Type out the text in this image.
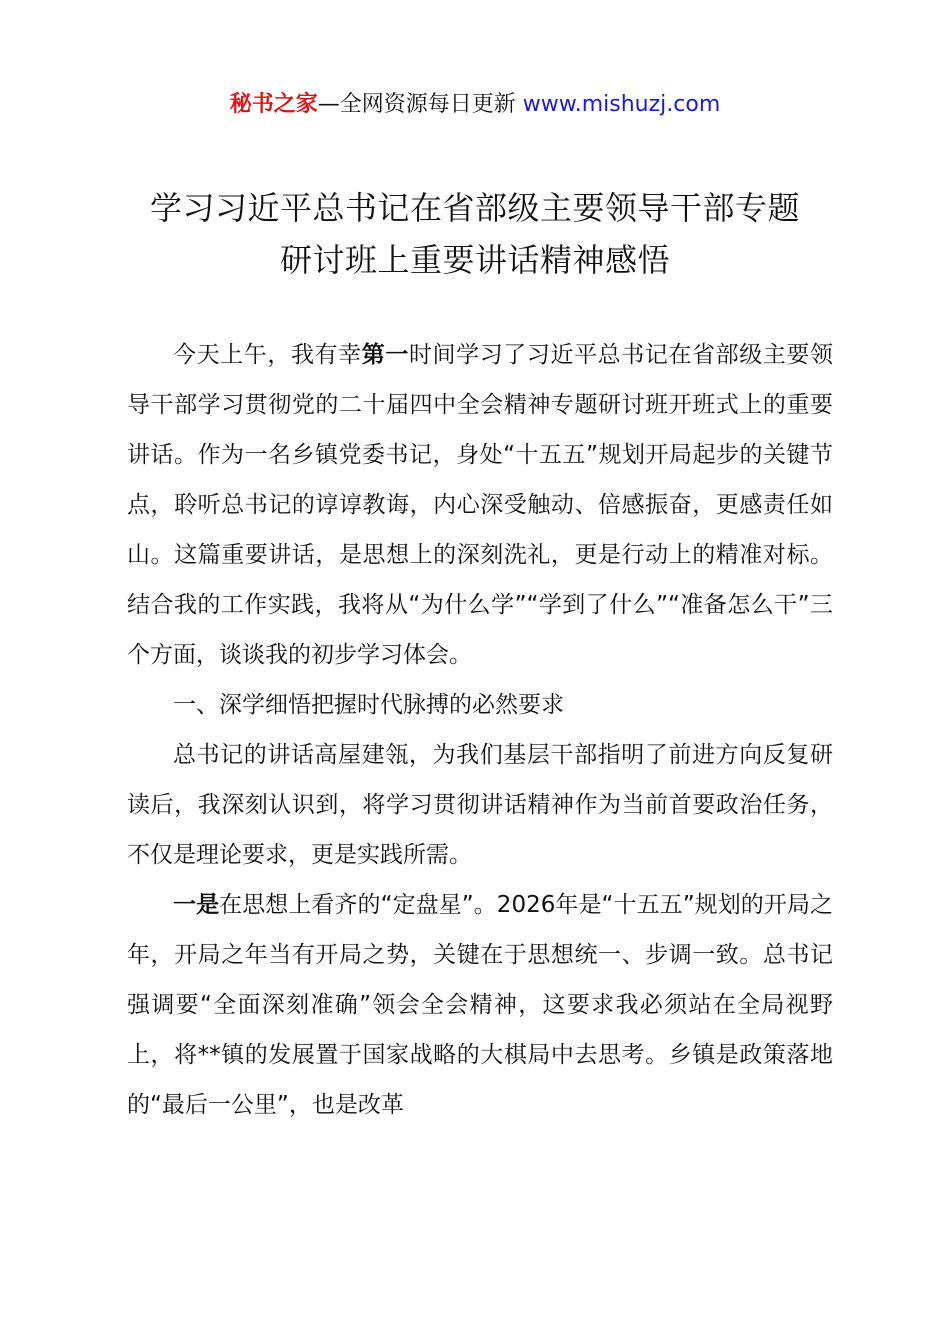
秘书之家—全网资源每日更新 www.mishuzj.com
学习习近平总书记在省部级主要领导干部专题
研讨班上重要讲话精神感悟

今天上午，我有幸第一时间学习了习近平总书记在省部级主要领导干部学习贯彻党的二十届四中全会精神专题研讨班开班式上的重要讲话。作为一名乡镇党委书记，身处“十五五”规划开局起步的关键节点，聆听总书记的谆谆教诲，内心深受触动、倍感振奋，更感责任如山。这篇重要讲话，是思想上的深刻洗礼，更是行动上的精准对标。结合我的工作实践，我将从“为什么学”“学到了什么”“准备怎么干”三个方面，谈谈我的初步学习体会。

一、深学细悟把握时代脉搏的必然要求

总书记的讲话高屋建瓴，为我们基层干部指明了前进方向反复研读后，我深刻认识到，将学习贯彻讲话精神作为当前首要政治任务，不仅是理论要求，更是实践所需。

一是在思想上看齐的“定盘星”。2026年是“十五五”规划的开局之年，开局之年当有开局之势，关键在于思想统一、步调一致。总书记强调要“全面深刻准确”领会全会精神，这要求我必须站在全局视野上，将**镇的发展置于国家战略的大棋局中去思考。乡镇是政策落地的“最后一公里”，也是改革
